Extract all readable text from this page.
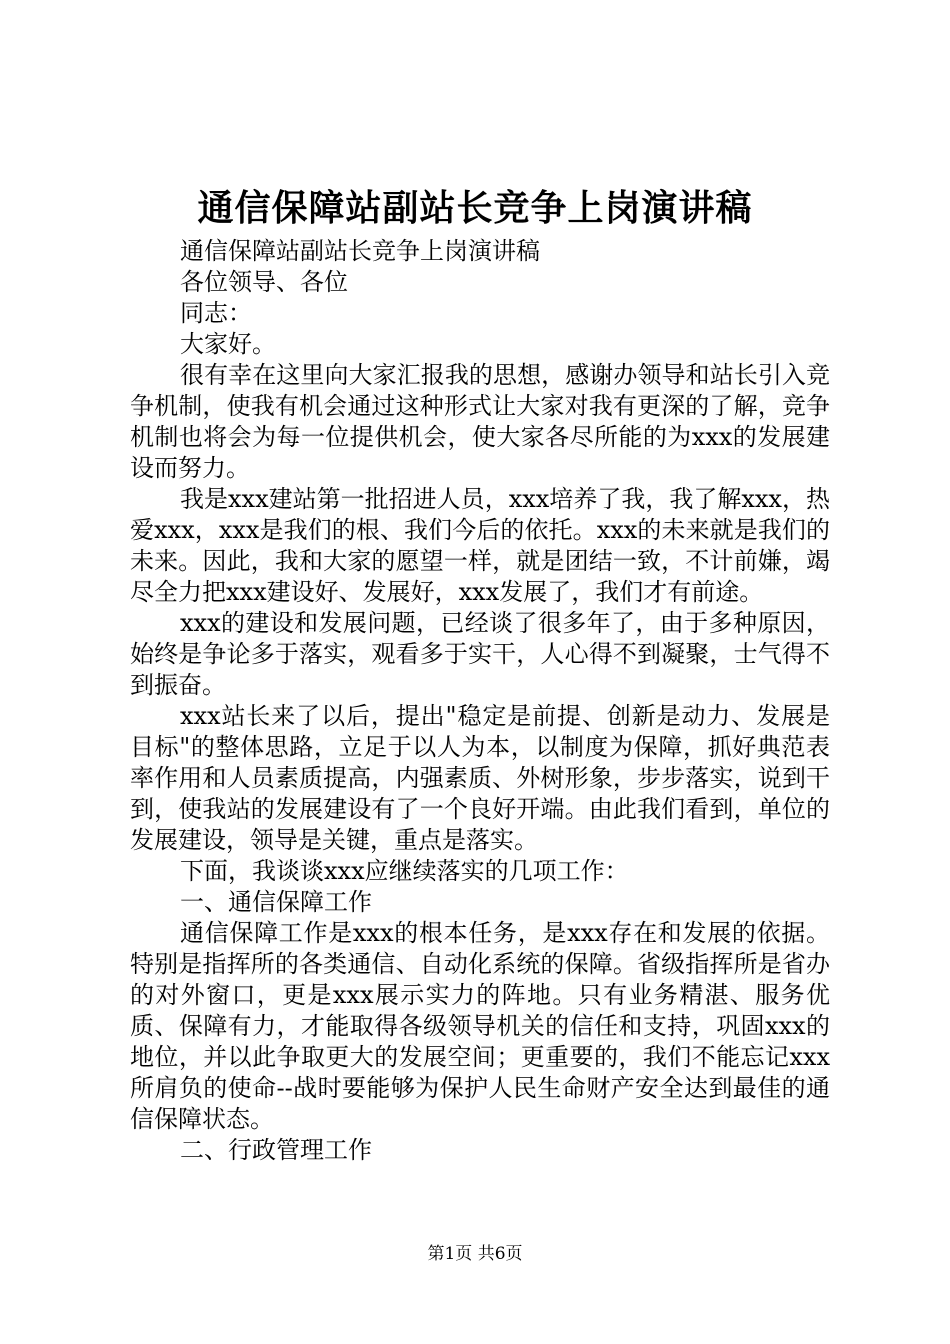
通信保障站副站长竞争上岗演讲稿

通信保障站副站长竞争上岗演讲稿

各位领导、各位

同志：

大家好。

很有幸在这里向大家汇报我的思想，感谢办领导和站长引入竞争机制，使我有机会通过这种形式让大家对我有更深的了解，竞争机制也将会为每一位提供机会，使大家各尽所能的为xxx的发展建设而努力。

我是xxx建站第一批招进人员，xxx培养了我，我了解xxx，热爱xxx，xxx是我们的根、我们今后的依托。xxx的未来就是我们的未来。因此，我和大家的愿望一样，就是团结一致，不计前嫌，竭尽全力把xxx建设好、发展好，xxx发展了，我们才有前途。

xxx的建设和发展问题，已经谈了很多年了，由于多种原因，始终是争论多于落实，观看多于实干，人心得不到凝聚，士气得不到振奋。

xxx站长来了以后，提出"稳定是前提、创新是动力、发展是目标"的整体思路，立足于以人为本，以制度为保障，抓好典范表率作用和人员素质提高，内强素质、外树形象，步步落实，说到干到，使我站的发展建设有了一个良好开端。由此我们看到，单位的发展建设，领导是关键，重点是落实。

下面，我谈谈xxx应继续落实的几项工作：

一、通信保障工作

通信保障工作是xxx的根本任务，是xxx存在和发展的依据。特别是指挥所的各类通信、自动化系统的保障。省级指挥所是省办的对外窗口，更是xxx展示实力的阵地。只有业务精湛、服务优质、保障有力，才能取得各级领导机关的信任和支持，巩固xxx的地位，并以此争取更大的发展空间；更重要的，我们不能忘记xxx所肩负的使命--战时要能够为保护人民生命财产安全达到最佳的通信保障状态。

二、行政管理工作

第1页 共6页
